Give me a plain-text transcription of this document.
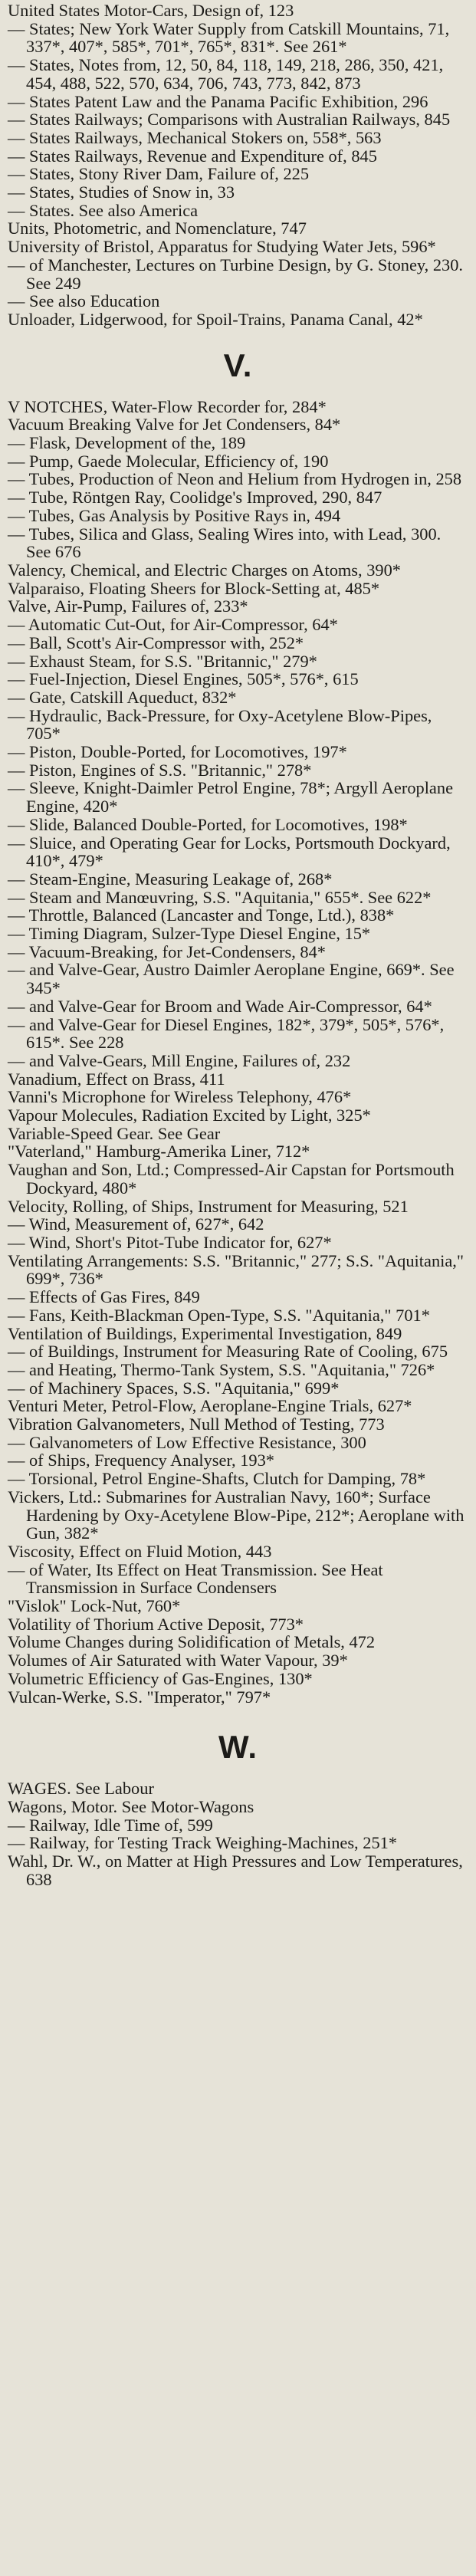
United States Motor-Cars, Design of, 123

— States; New York Water Supply from Catskill Mountains, 71, 337*, 407*, 585*, 701*, 765*, 831*. See 261*

— States, Notes from, 12, 50, 84, 118, 149, 218, 286, 350, 421, 454, 488, 522, 570, 634, 706, 743, 773, 842, 873

— States Patent Law and the Panama Pacific Exhibition, 296

— States Railways; Comparisons with Australian Railways, 845

— States Railways, Mechanical Stokers on, 558*, 563

— States Railways, Revenue and Expenditure of, 845

— States, Stony River Dam, Failure of, 225

— States, Studies of Snow in, 33

— States. See also America

Units, Photometric, and Nomenclature, 747

University of Bristol, Apparatus for Studying Water Jets, 596*

— of Manchester, Lectures on Turbine Design, by G. Stoney, 230. See 249

— See also Education

Unloader, Lidgerwood, for Spoil-Trains, Panama Canal, 42*

V.

V NOTCHES, Water-Flow Recorder for, 284*

Vacuum Breaking Valve for Jet Condensers, 84*

— Flask, Development of the, 189

— Pump, Gaede Molecular, Efficiency of, 190

— Tubes, Production of Neon and Helium from Hydrogen in, 258

— Tube, Röntgen Ray, Coolidge's Improved, 290, 847

— Tubes, Gas Analysis by Positive Rays in, 494

— Tubes, Silica and Glass, Sealing Wires into, with Lead, 300. See 676

Valency, Chemical, and Electric Charges on Atoms, 390*

Valparaiso, Floating Sheers for Block-Setting at, 485*

Valve, Air-Pump, Failures of, 233*

— Automatic Cut-Out, for Air-Compressor, 64*

— Ball, Scott's Air-Compressor with, 252*

— Exhaust Steam, for S.S. "Britannic," 279*

— Fuel-Injection, Diesel Engines, 505*, 576*, 615

— Gate, Catskill Aqueduct, 832*

— Hydraulic, Back-Pressure, for Oxy-Acetylene Blow-Pipes, 705*

— Piston, Double-Ported, for Locomotives, 197*

— Piston, Engines of S.S. "Britannic," 278*

— Sleeve, Knight-Daimler Petrol Engine, 78*; Argyll Aeroplane Engine, 420*

— Slide, Balanced Double-Ported, for Locomotives, 198*

— Sluice, and Operating Gear for Locks, Portsmouth Dockyard, 410*, 479*

— Steam-Engine, Measuring Leakage of, 268*

— Steam and Manœuvring, S.S. "Aquitania," 655*. See 622*

— Throttle, Balanced (Lancaster and Tonge, Ltd.), 838*

— Timing Diagram, Sulzer-Type Diesel Engine, 15*

— Vacuum-Breaking, for Jet-Condensers, 84*

— and Valve-Gear, Austro Daimler Aeroplane Engine, 669*. See 345*

— and Valve-Gear for Broom and Wade Air-Compressor, 64*

— and Valve-Gear for Diesel Engines, 182*, 379*, 505*, 576*, 615*. See 228

— and Valve-Gears, Mill Engine, Failures of, 232

Vanadium, Effect on Brass, 411

Vanni's Microphone for Wireless Telephony, 476*

Vapour Molecules, Radiation Excited by Light, 325*

Variable-Speed Gear. See Gear

"Vaterland," Hamburg-Amerika Liner, 712*

Vaughan and Son, Ltd.; Compressed-Air Capstan for Portsmouth Dockyard, 480*

Velocity, Rolling, of Ships, Instrument for Measuring, 521

— Wind, Measurement of, 627*, 642

— Wind, Short's Pitot-Tube Indicator for, 627*

Ventilating Arrangements: S.S. "Britannic," 277; S.S. "Aquitania," 699*, 736*

— Effects of Gas Fires, 849

— Fans, Keith-Blackman Open-Type, S.S. "Aquitania," 701*

Ventilation of Buildings, Experimental Investigation, 849

— of Buildings, Instrument for Measuring Rate of Cooling, 675

— and Heating, Thermo-Tank System, S.S. "Aquitania," 726*

— of Machinery Spaces, S.S. "Aquitania," 699*

Venturi Meter, Petrol-Flow, Aeroplane-Engine Trials, 627*

Vibration Galvanometers, Null Method of Testing, 773

— Galvanometers of Low Effective Resistance, 300

— of Ships, Frequency Analyser, 193*

— Torsional, Petrol Engine-Shafts, Clutch for Damping, 78*

Vickers, Ltd.: Submarines for Australian Navy, 160*; Surface Hardening by Oxy-Acetylene Blow-Pipe, 212*; Aeroplane with Gun, 382*

Viscosity, Effect on Fluid Motion, 443

— of Water, Its Effect on Heat Transmission. See Heat Transmission in Surface Condensers

"Vislok" Lock-Nut, 760*

Volatility of Thorium Active Deposit, 773*

Volume Changes during Solidification of Metals, 472

Volumes of Air Saturated with Water Vapour, 39*

Volumetric Efficiency of Gas-Engines, 130*

Vulcan-Werke, S.S. "Imperator," 797*

W.

WAGES. See Labour

Wagons, Motor. See Motor-Wagons

— Railway, Idle Time of, 599

— Railway, for Testing Track Weighing-Machines, 251*

Wahl, Dr. W., on Matter at High Pressures and Low Temperatures, 638
